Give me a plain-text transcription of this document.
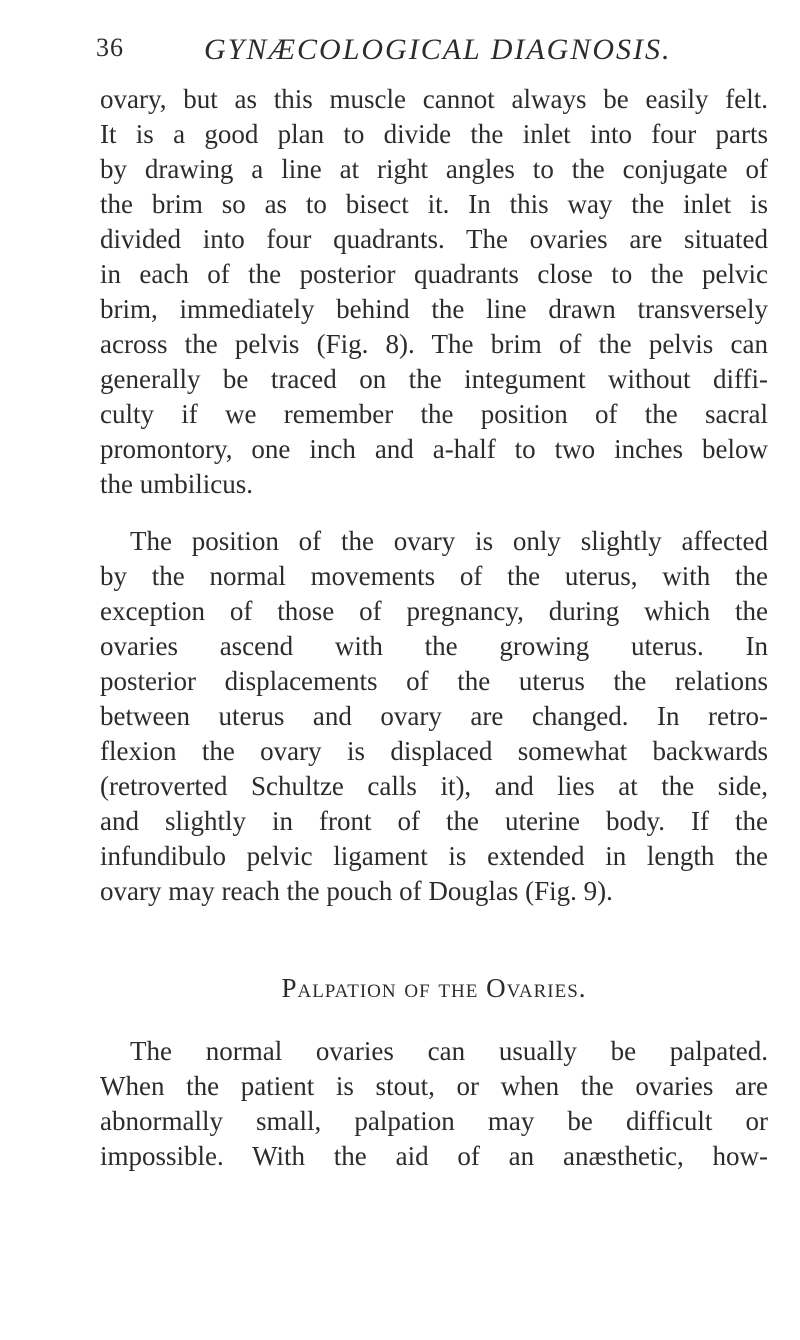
36	GYNÆCOLOGICAL DIAGNOSIS.
ovary, but as this muscle cannot always be easily felt.
It is a good plan to divide the inlet into four parts
by drawing a line at right angles to the conjugate of
the brim so as to bisect it. In this way the inlet is
divided into four quadrants. The ovaries are situated
in each of the posterior quadrants close to the pelvic
brim, immediately behind the line drawn transversely
across the pelvis (Fig. 8). The brim of the pelvis can
generally be traced on the integument without diffi-
culty if we remember the position of the sacral
promontory, one inch and a-half to two inches below
the umbilicus.
The position of the ovary is only slightly affected
by the normal movements of the uterus, with the
exception of those of pregnancy, during which the
ovaries ascend with the growing uterus. In
posterior displacements of the uterus the relations
between uterus and ovary are changed. In retro-
flexion the ovary is displaced somewhat backwards
(retroverted Schultze calls it), and lies at the side,
and slightly in front of the uterine body. If the
infundibulo pelvic ligament is extended in length the
ovary may reach the pouch of Douglas (Fig. 9).
Palpation of the Ovaries.
The normal ovaries can usually be palpated.
When the patient is stout, or when the ovaries are
abnormally small, palpation may be difficult or
impossible. With the aid of an anæsthetic, how-
